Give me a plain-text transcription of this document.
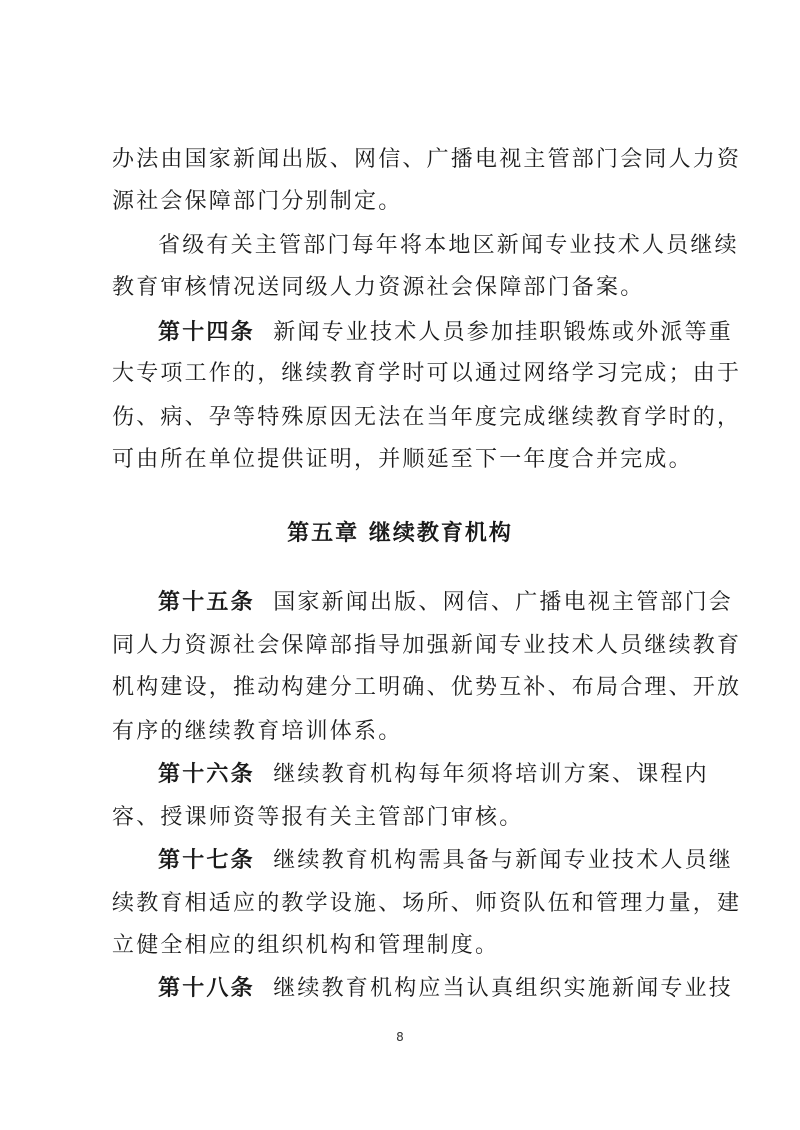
办法由国家新闻出版、网信、广播电视主管部门会同人力资
源社会保障部门分别制定。
省级有关主管部门每年将本地区新闻专业技术人员继续
教育审核情况送同级人力资源社会保障部门备案。
第十四条 新闻专业技术人员参加挂职锻炼或外派等重
大专项工作的，继续教育学时可以通过网络学习完成；由于
伤、病、孕等特殊原因无法在当年度完成继续教育学时的，
可由所在单位提供证明，并顺延至下一年度合并完成。
第五章 继续教育机构
第十五条 国家新闻出版、网信、广播电视主管部门会
同人力资源社会保障部指导加强新闻专业技术人员继续教育
机构建设，推动构建分工明确、优势互补、布局合理、开放
有序的继续教育培训体系。
第十六条 继续教育机构每年须将培训方案、课程内
容、授课师资等报有关主管部门审核。
第十七条 继续教育机构需具备与新闻专业技术人员继
续教育相适应的教学设施、场所、师资队伍和管理力量，建
立健全相应的组织机构和管理制度。
第十八条 继续教育机构应当认真组织实施新闻专业技
8
